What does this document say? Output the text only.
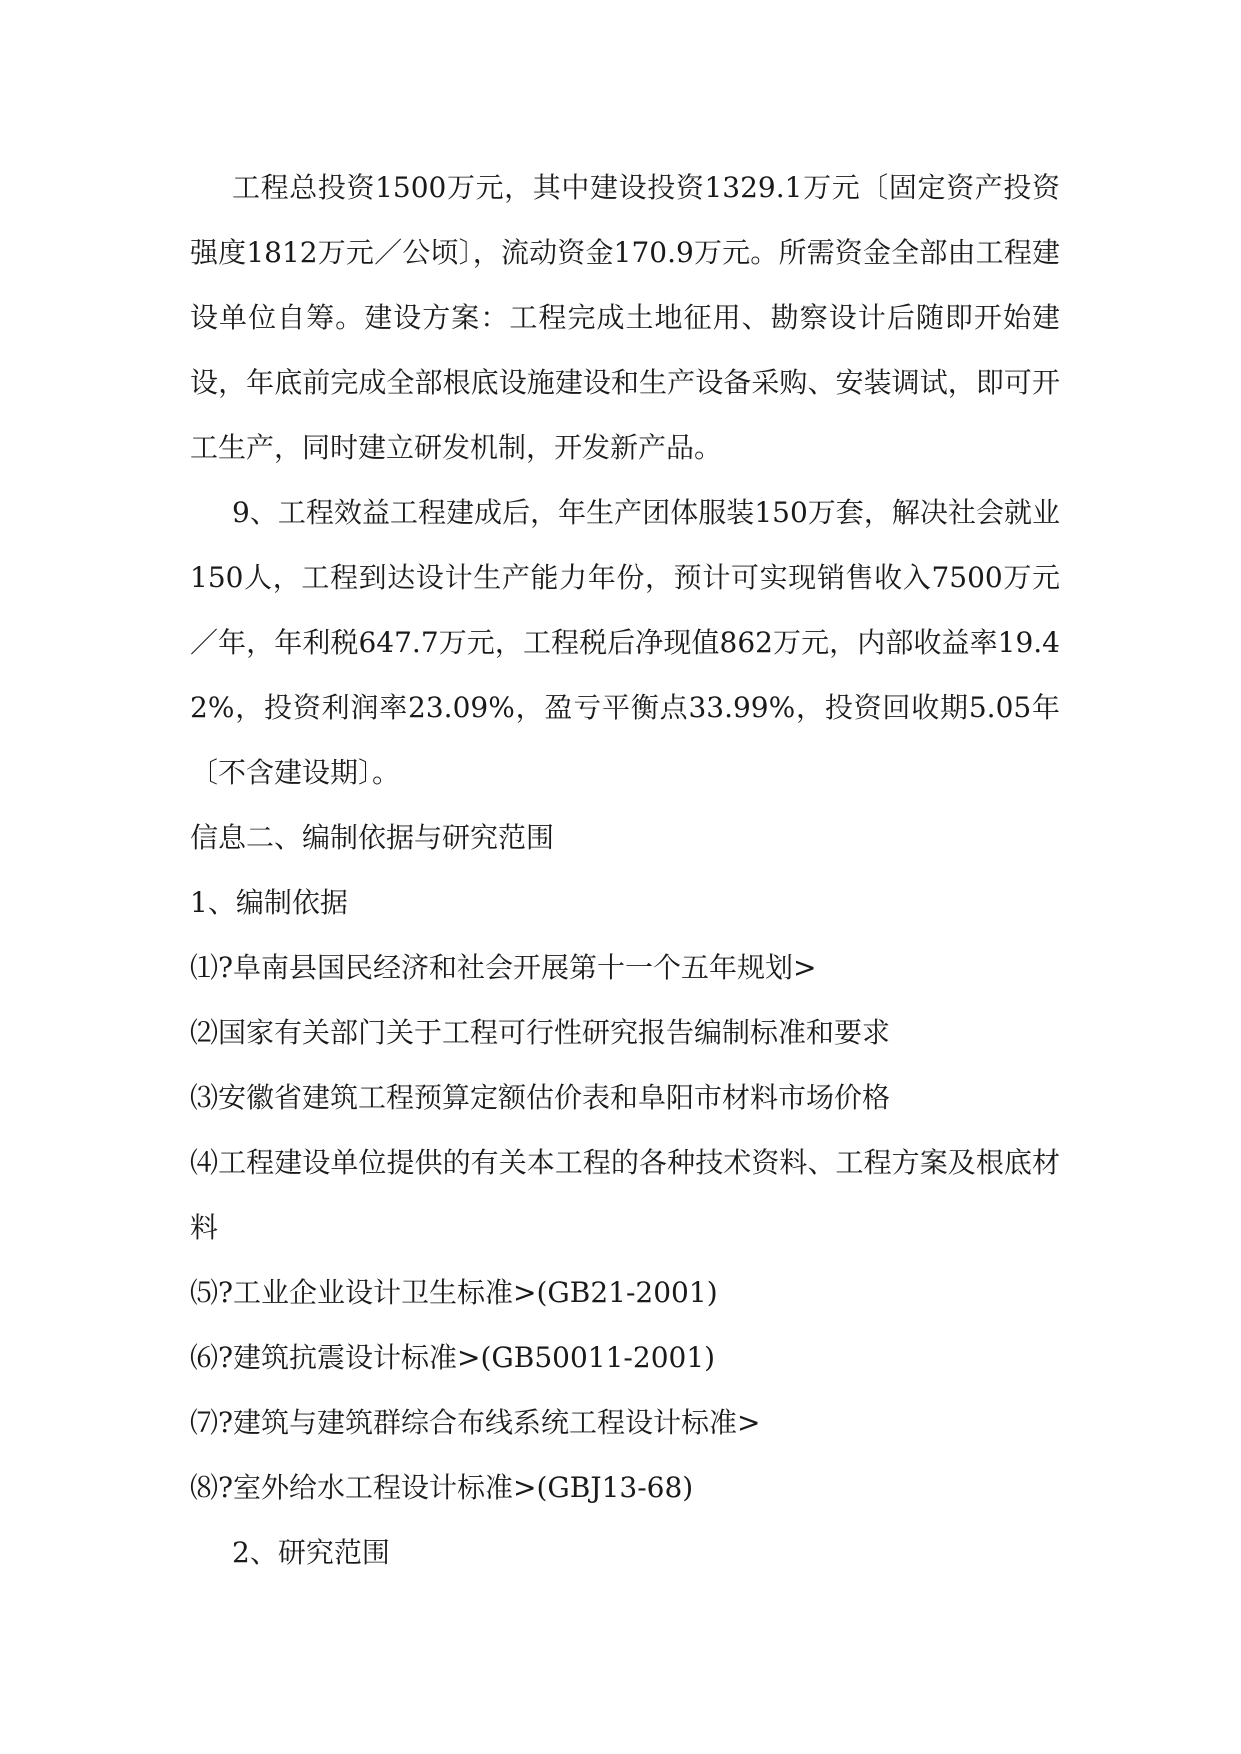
工程总投资1500万元，其中建设投资1329.1万元〔固定资产投资强度1812万元／公顷〕，流动资金170.9万元。所需资金全部由工程建设单位自筹。建设方案：工程完成土地征用、勘察设计后随即开始建设，年底前完成全部根底设施建设和生产设备采购、安装调试，即可开工生产，同时建立研发机制，开发新产品。

9、工程效益工程建成后，年生产团体服装150万套，解决社会就业150人，工程到达设计生产能力年份，预计可实现销售收入7500万元／年，年利税647.7万元，工程税后净现值862万元，内部收益率19.42%，投资利润率23.09%，盈亏平衡点33.99%，投资回收期5.05年〔不含建设期〕。

信息二、编制依据与研究范围

1、编制依据

⑴?阜南县国民经济和社会开展第十一个五年规划>

⑵国家有关部门关于工程可行性研究报告编制标准和要求

⑶安徽省建筑工程预算定额估价表和阜阳市材料市场价格

⑷工程建设单位提供的有关本工程的各种技术资料、工程方案及根底材料

⑸?工业企业设计卫生标准>(GB21-2001)

⑹?建筑抗震设计标准>(GB50011-2001)

⑺?建筑与建筑群综合布线系统工程设计标准>

⑻?室外给水工程设计标准>(GBJ13-68)

2、研究范围
